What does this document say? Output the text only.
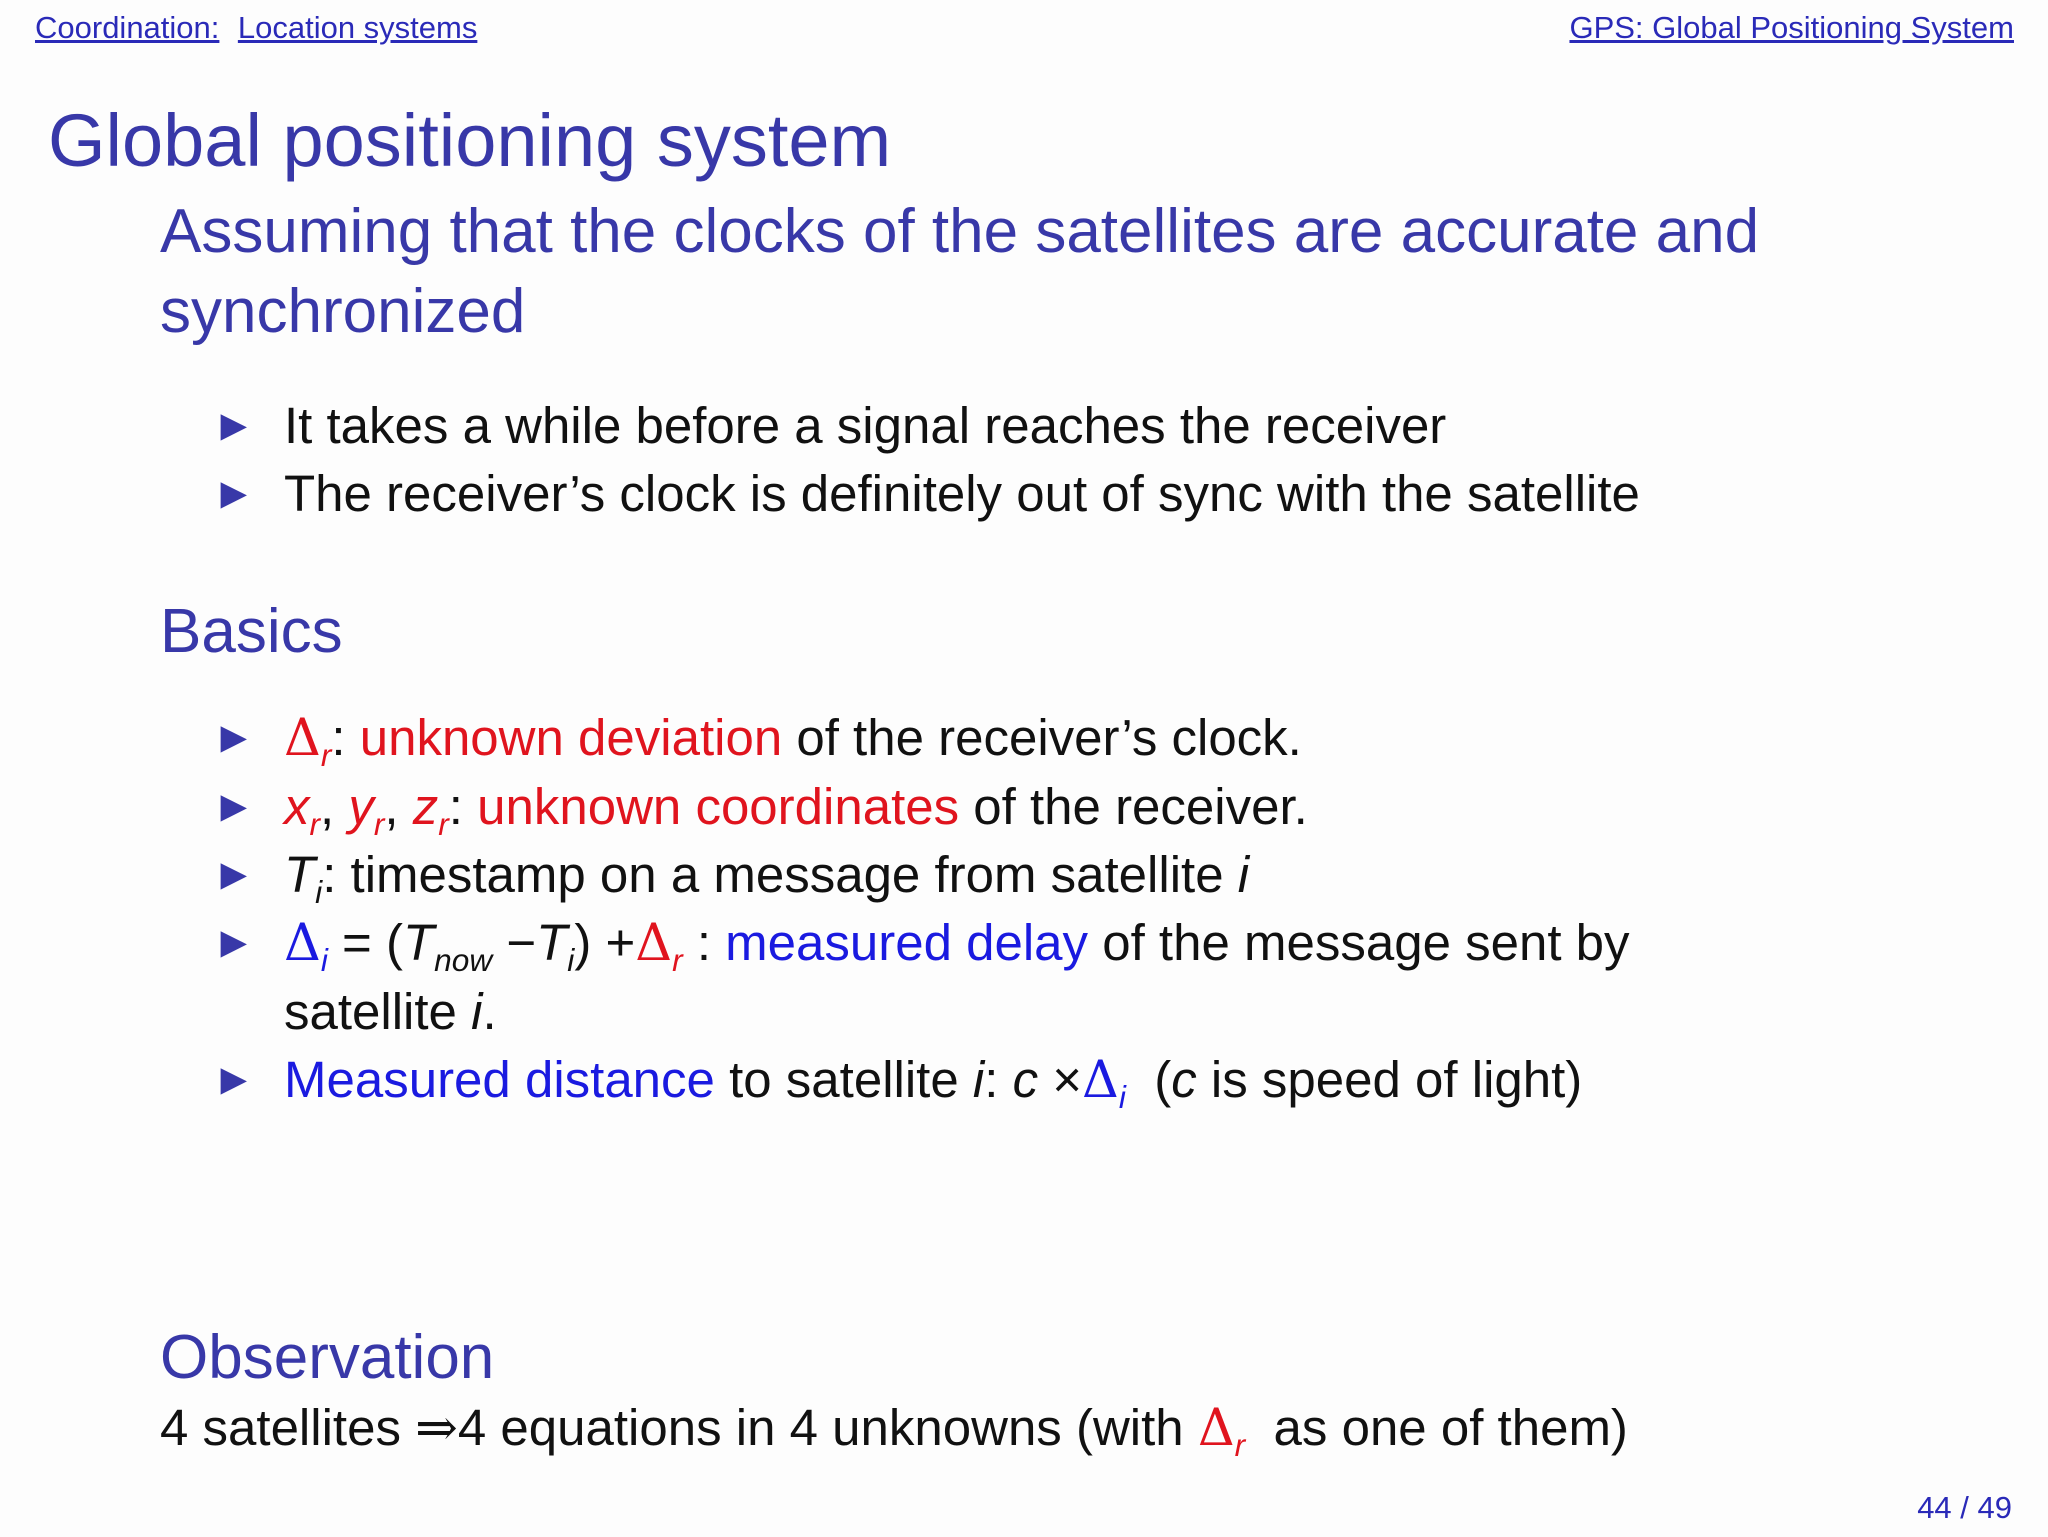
Coordination: Location systems	GPS: Global Positioning System
Global positioning system
Assuming that the clocks of the satellites are accurate and synchronized
► It takes a while before a signal reaches the receiver
► The receiver’s clock is definitely out of sync with the satellite
Basics
► $\Delta_r$: unknown deviation of the receiver’s clock.
► $x_r$, $y_r$, $z_r$: unknown coordinates of the receiver.
► $T_i$: timestamp on a message from satellite i
► $\Delta_i = (T_{now} -T_i) +\Delta_r$ : measured delay of the message sent by
satellite i.
► Measured distance to satellite i: $c \times\Delta_i$ (c is speed of light)
Observation

4 satellites ⇒4 equations in 4 unknowns (with $\Delta_r$ as one of them)

44 / 49
